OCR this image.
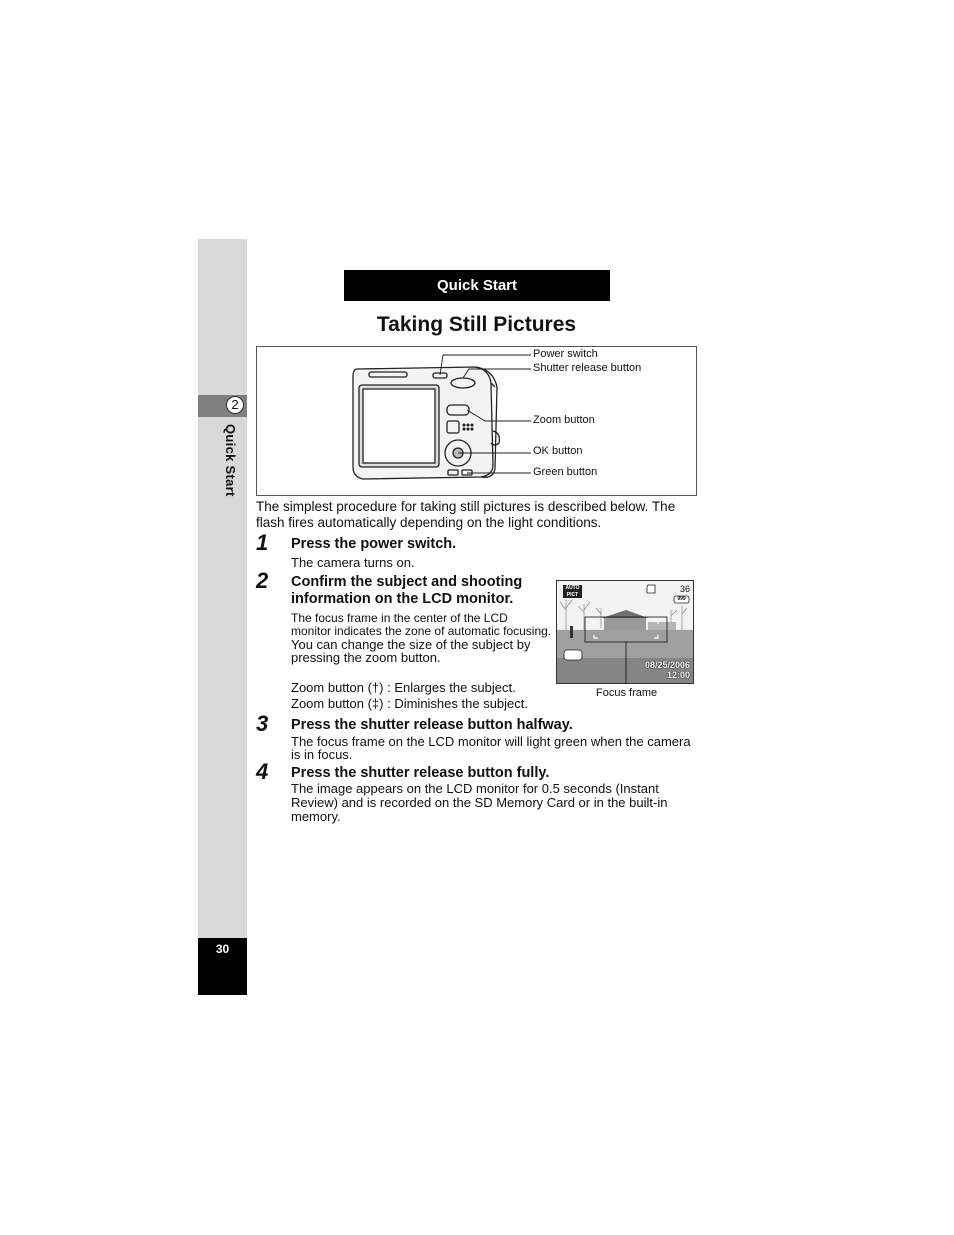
2
Quick Start
30
Quick Start
Taking Still Pictures
Power switch
Shutter release button
Zoom button
OK button
Green button
The simplest procedure for taking still pictures is described below. The flash fires automatically depending on the light conditions.
1 Press the power switch.
The camera turns on.
2 Confirm the subject and shooting
information on the LCD monitor.
The focus frame in the center of the LCD
monitor indicates the zone of automatic focusing.
You can change the size of the subject by
pressing the zoom button.
Zoom button (†) : Enlarges the subject.
Zoom button (‡) : Diminishes the subject.
AUTO
PICT
36
999
08/25/2006
12:00
Focus frame
3 Press the shutter release button halfway.
The focus frame on the LCD monitor will light green when the camera
is in focus.
4 Press the shutter release button fully.
The image appears on the LCD monitor for 0.5 seconds (Instant
Review) and is recorded on the SD Memory Card or in the built-in
memory.
